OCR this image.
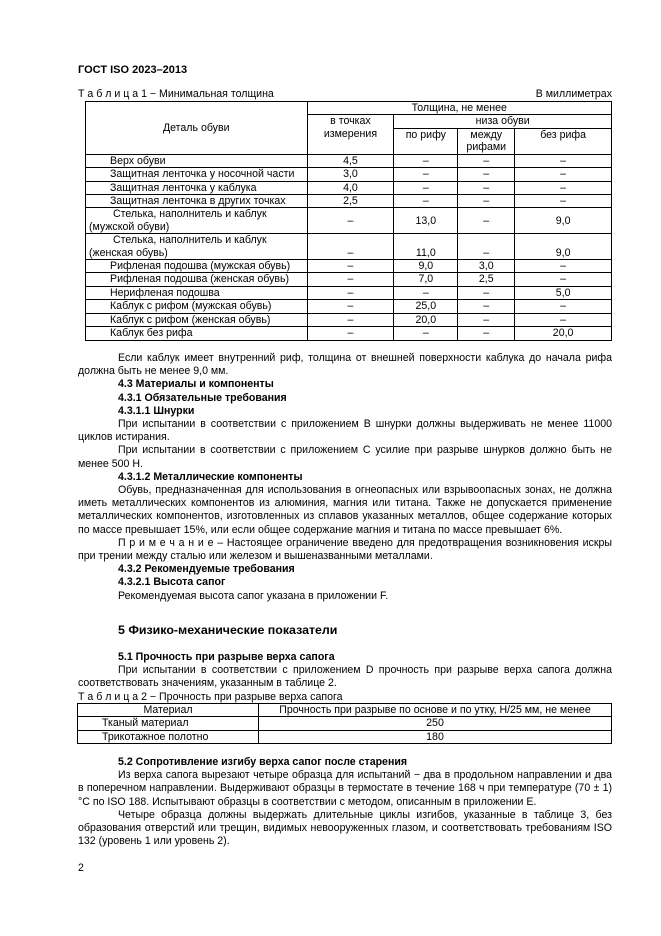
ГОСТ ISO 2023–2013
Т а б л и ц а 1 − Минимальная толщина	В миллиметрах
Деталь обуви	Толщина, не менее			
	в точках измерения	низа обуви		
		по рифу	между рифами	без рифа
Верх обуви	4,5	–	–	–
Защитная ленточка у носочной части	3,0	–	–	–
Защитная ленточка у каблука	4,0	–	–	–
Защитная ленточка в других точках	2,5	–	–	–
Стелька, наполнитель и каблук (мужской обуви)	–	13,0	–	9,0
Стелька, наполнитель и каблук (женская обувь)	–	11,0	–	9,0
Рифленая подошва (мужская обувь)	–	9,0	3,0	–
Рифленая подошва (женская обувь)	–	7,0	2,5	–
Нерифленая подошва	–	–	–	5,0
Каблук с рифом (мужская обувь)	–	25,0	–	–
Каблук с рифом (женская обувь)	–	20,0	–	–
Каблук без рифа	–	–	–	20,0

Если каблук имеет внутренний риф, толщина от внешней поверхности каблука до начала рифа должна быть не менее 9,0 мм.

4.3 Материалы и компоненты

4.3.1 Обязательные требования

4.3.1.1 Шнурки

При испытании в соответствии с приложением B шнурки должны выдерживать не менее 11000 циклов истирания.

При испытании в соответствии с приложением C усилие при разрыве шнурков должно быть не менее 500 Н.

4.3.1.2 Металлические компоненты

Обувь, предназначенная для использования в огнеопасных или взрывоопасных зонах, не должна иметь металлических компонентов из алюминия, магния или титана. Также не допускается применение металлических компонентов, изготовленных из сплавов указанных металлов, общее содержание которых по массе превышает 15%, или если общее содержание магния и титана по массе превышает 6%.

П р и м е ч а н и е – Настоящее ограничение введено для предотвращения возникновения искры при трении между сталью или железом и вышеназванными металлами.

4.3.2 Рекомендуемые требования

4.3.2.1 Высота сапог

Рекомендуемая высота сапог указана в приложении F.

5 Физико-механические показатели

5.1 Прочность при разрыве верха сапога

При испытании в соответствии с приложением D прочность при разрыве верха сапога должна соответствовать значениям, указанным в таблице 2.

Т а б л и ц а 2 − Прочность при разрыве верха сапога
Материал	Прочность при разрыве по основе и по утку, Н/25 мм, не менее
Тканый материал	250
Трикотажное полотно	180

5.2 Сопротивление изгибу верха сапог после старения

Из верха сапога вырезают четыре образца для испытаний − два в продольном направлении и два в поперечном направлении. Выдерживают образцы в термостате в течение 168 ч при температуре (70 ± 1) °С по ISO 188. Испытывают образцы в соответствии с методом, описанным в приложении E.

Четыре образца должны выдержать длительные циклы изгибов, указанные в таблице 3, без образования отверстий или трещин, видимых невооруженных глазом, и соответствовать требованиям ISO 132 (уровень 1 или уровень 2).

2
